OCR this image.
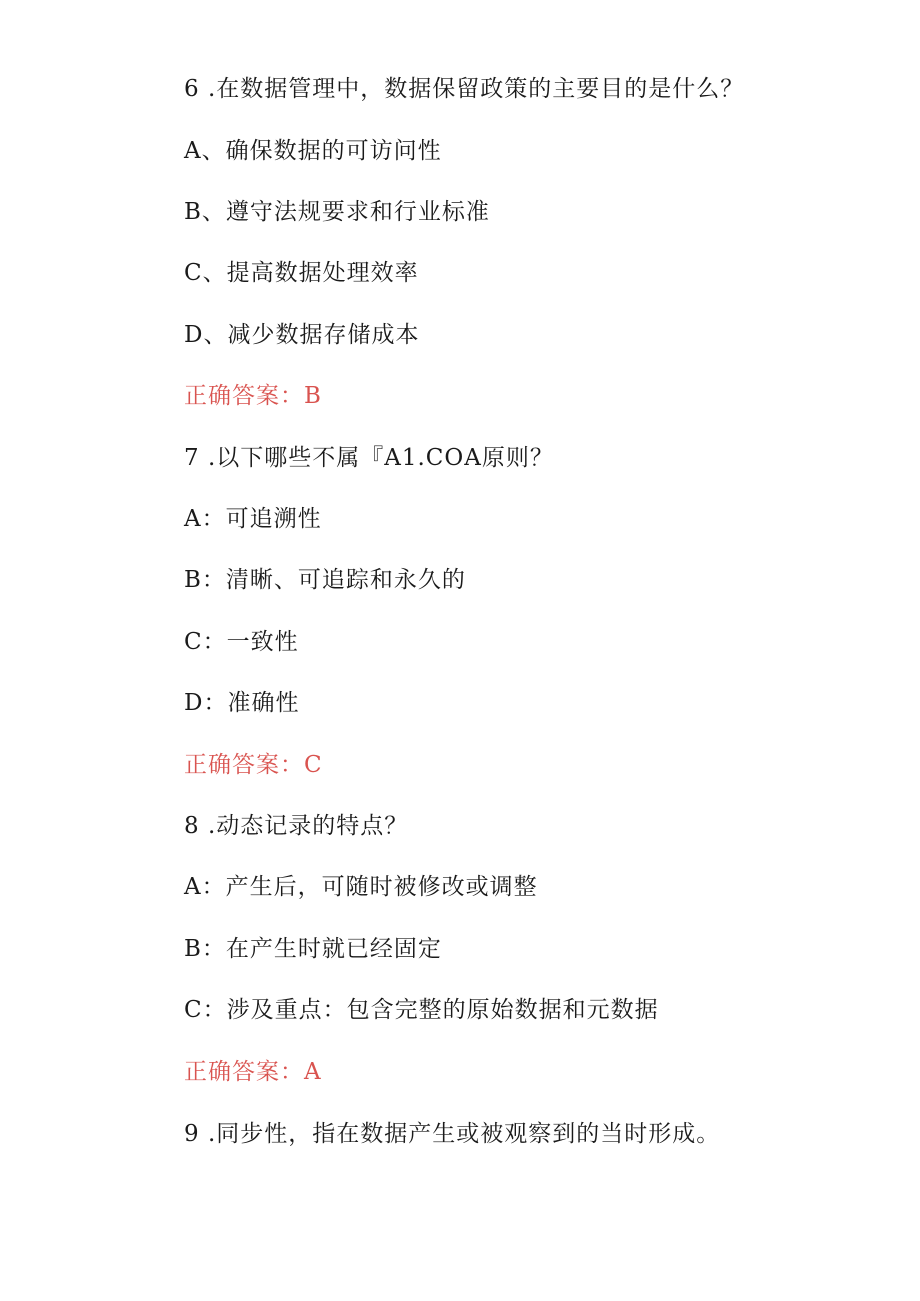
6 .在数据管理中，数据保留政策的主要目的是什么？
A、确保数据的可访问性
B、遵守法规要求和行业标准
C、提高数据处理效率
D、减少数据存储成本
正确答案：B
7 .以下哪些不属『A1.COA原则？
A：可追溯性
B：清晰、可追踪和永久的
C：一致性
D：准确性
正确答案：C
8 .动态记录的特点？
A：产生后，可随时被修改或调整
B：在产生时就已经固定
C：涉及重点：包含完整的原始数据和元数据
正确答案：A
9 .同步性，指在数据产生或被观察到的当时形成。
